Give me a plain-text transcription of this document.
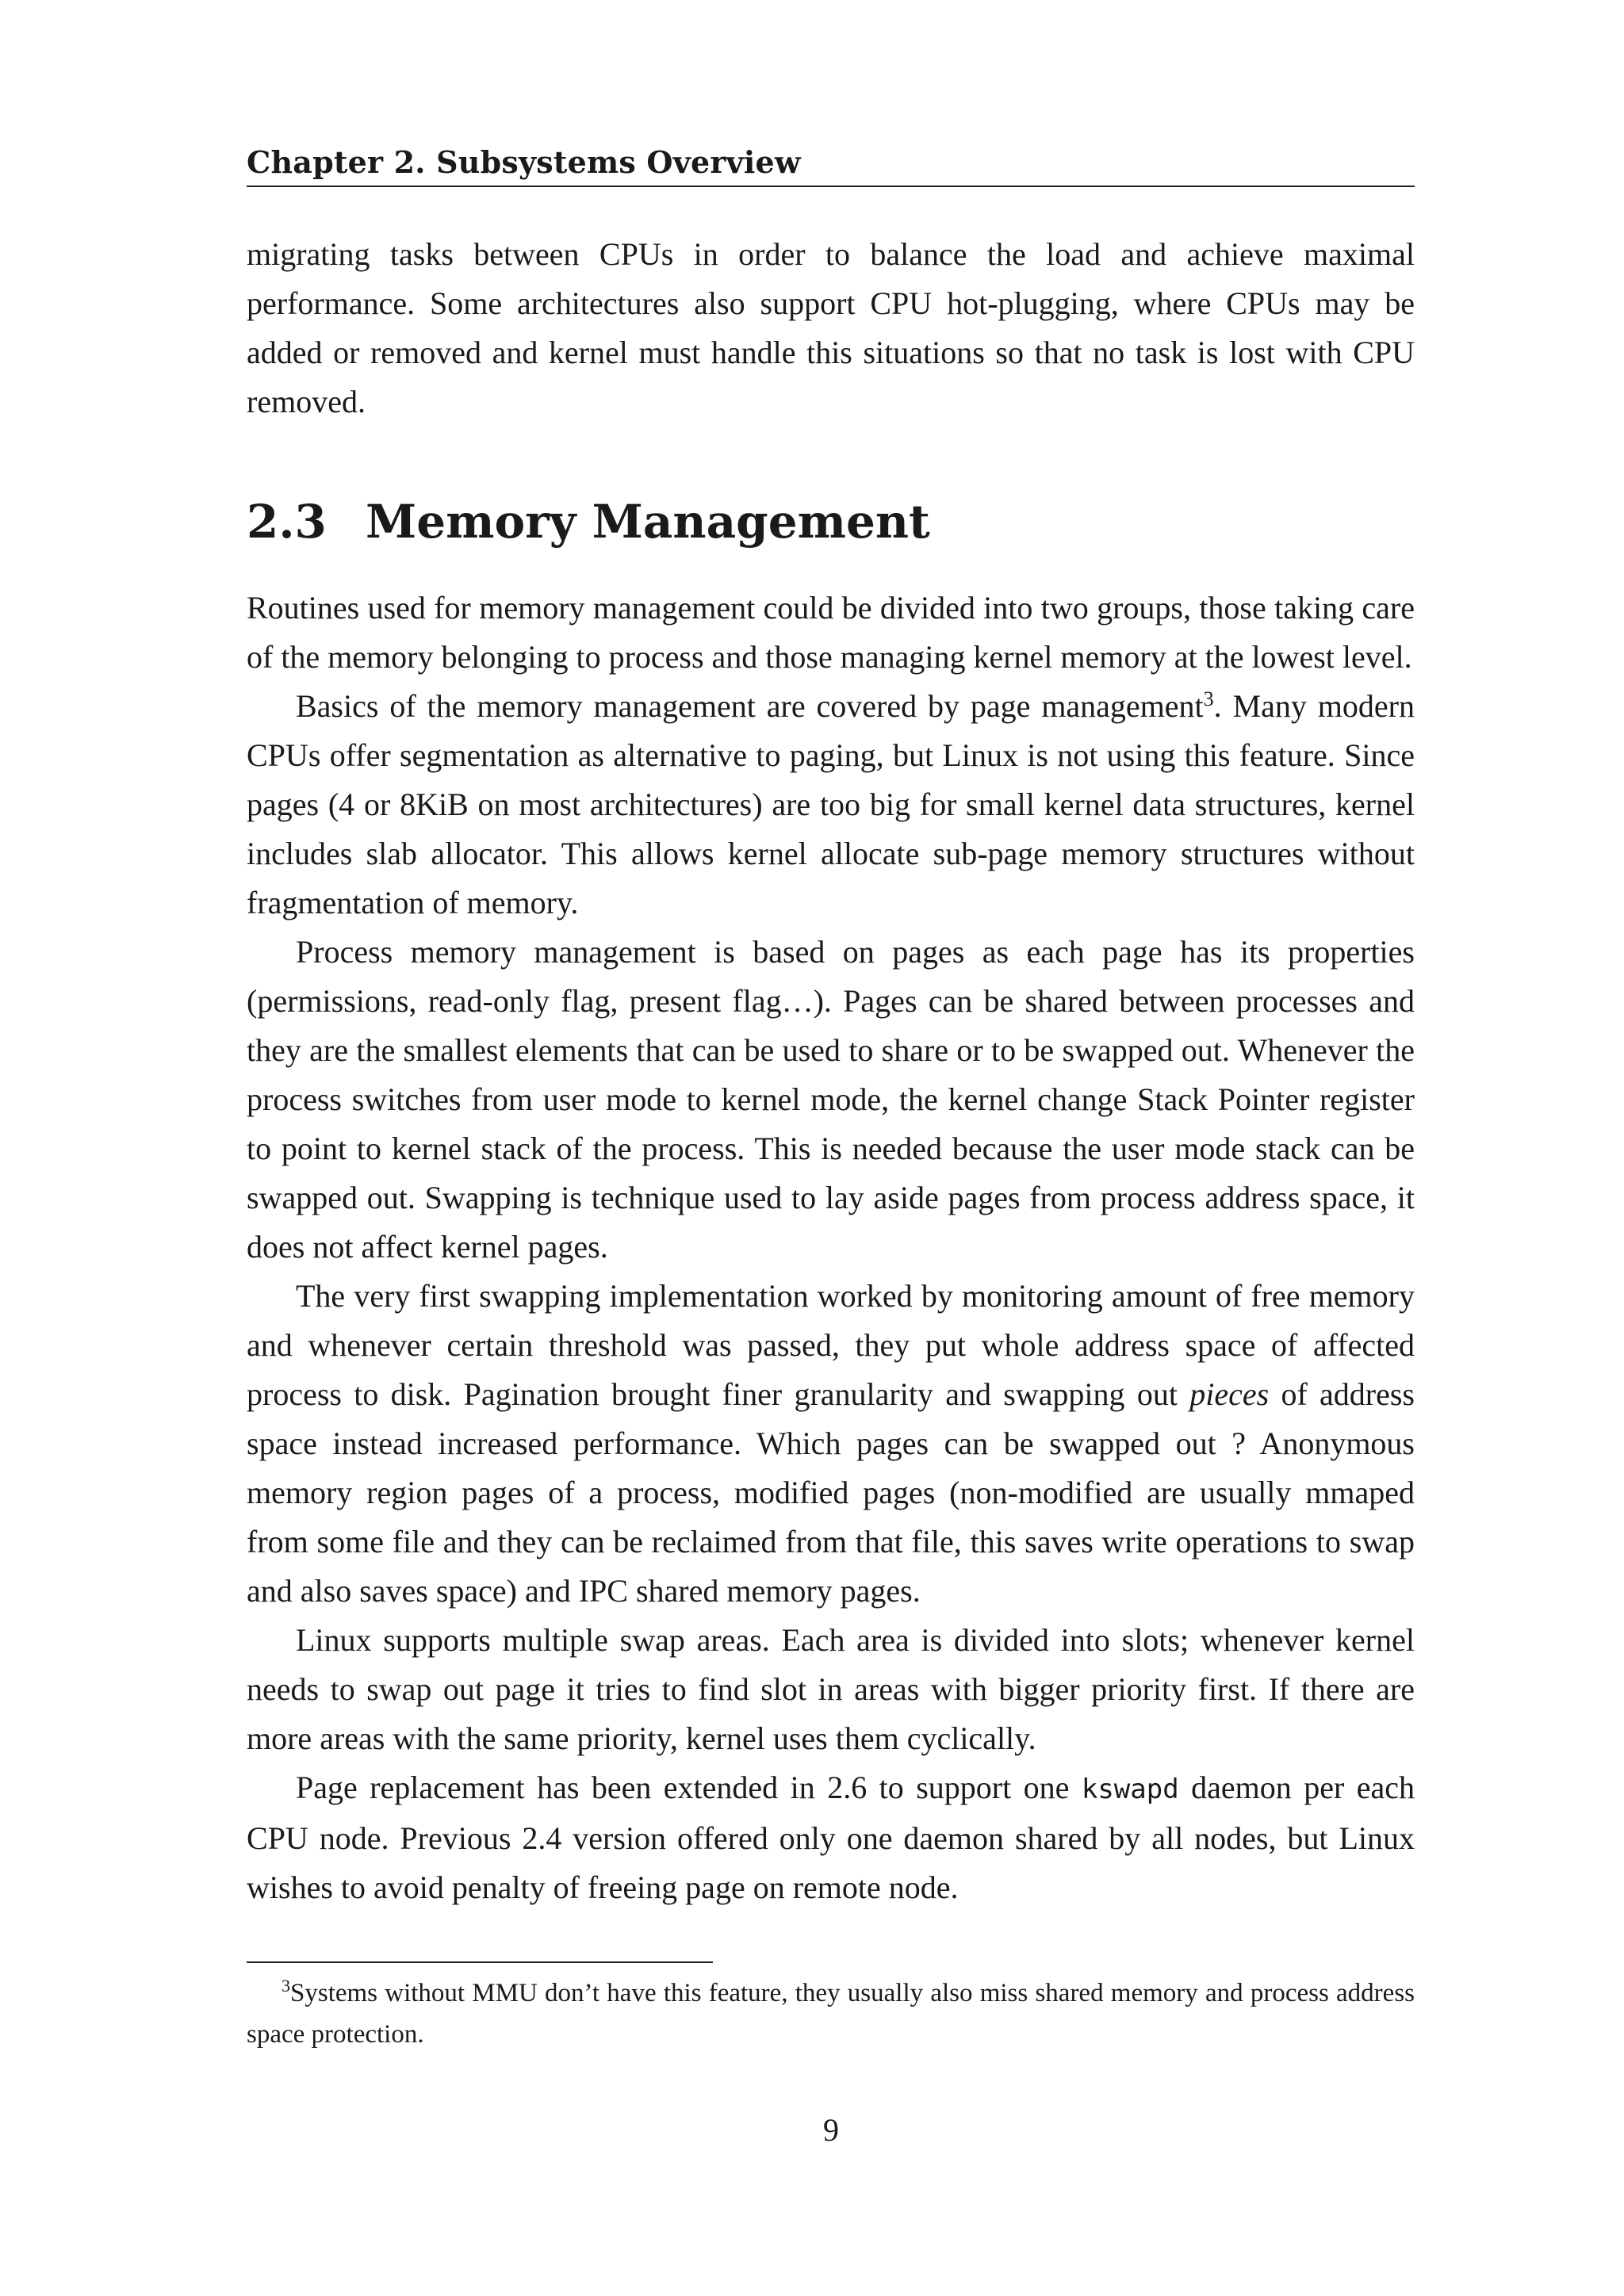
Chapter 2. Subsystems Overview

migrating tasks between CPUs in order to balance the load and achieve maximal performance. Some architectures also support CPU hot-plugging, where CPUs may be added or removed and kernel must handle this situations so that no task is lost with CPU removed.

2.3 Memory Management

Routines used for memory management could be divided into two groups, those taking care of the memory belonging to process and those managing kernel memory at the lowest level.

Basics of the memory management are covered by page management$^3$. Many modern CPUs offer segmentation as alternative to paging, but Linux is not using this feature. Since pages (4 or 8KiB on most architectures) are too big for small kernel data structures, kernel includes slab allocator. This allows kernel allocate sub-page memory structures without fragmentation of memory.

Process memory management is based on pages as each page has its properties (permissions, read-only flag, present flag…). Pages can be shared between processes and they are the smallest elements that can be used to share or to be swapped out. Whenever the process switches from user mode to kernel mode, the kernel change Stack Pointer register to point to kernel stack of the process. This is needed because the user mode stack can be swapped out. Swapping is technique used to lay aside pages from process address space, it does not affect kernel pages.

The very first swapping implementation worked by monitoring amount of free memory and whenever certain threshold was passed, they put whole address space of affected process to disk. Pagination brought finer granularity and swapping out pieces of address space instead increased performance. Which pages can be swapped out ? Anonymous memory region pages of a process, modified pages (non-modified are usually mmaped from some file and they can be reclaimed from that file, this saves write operations to swap and also saves space) and IPC shared memory pages.

Linux supports multiple swap areas. Each area is divided into slots; whenever kernel needs to swap out page it tries to find slot in areas with bigger priority first. If there are more areas with the same priority, kernel uses them cyclically.

Page replacement has been extended in 2.6 to support one kswapd daemon per each CPU node. Previous 2.4 version offered only one daemon shared by all nodes, but Linux wishes to avoid penalty of freeing page on remote node.

$^3$Systems without MMU don’t have this feature, they usually also miss shared memory and process address space protection.

9
